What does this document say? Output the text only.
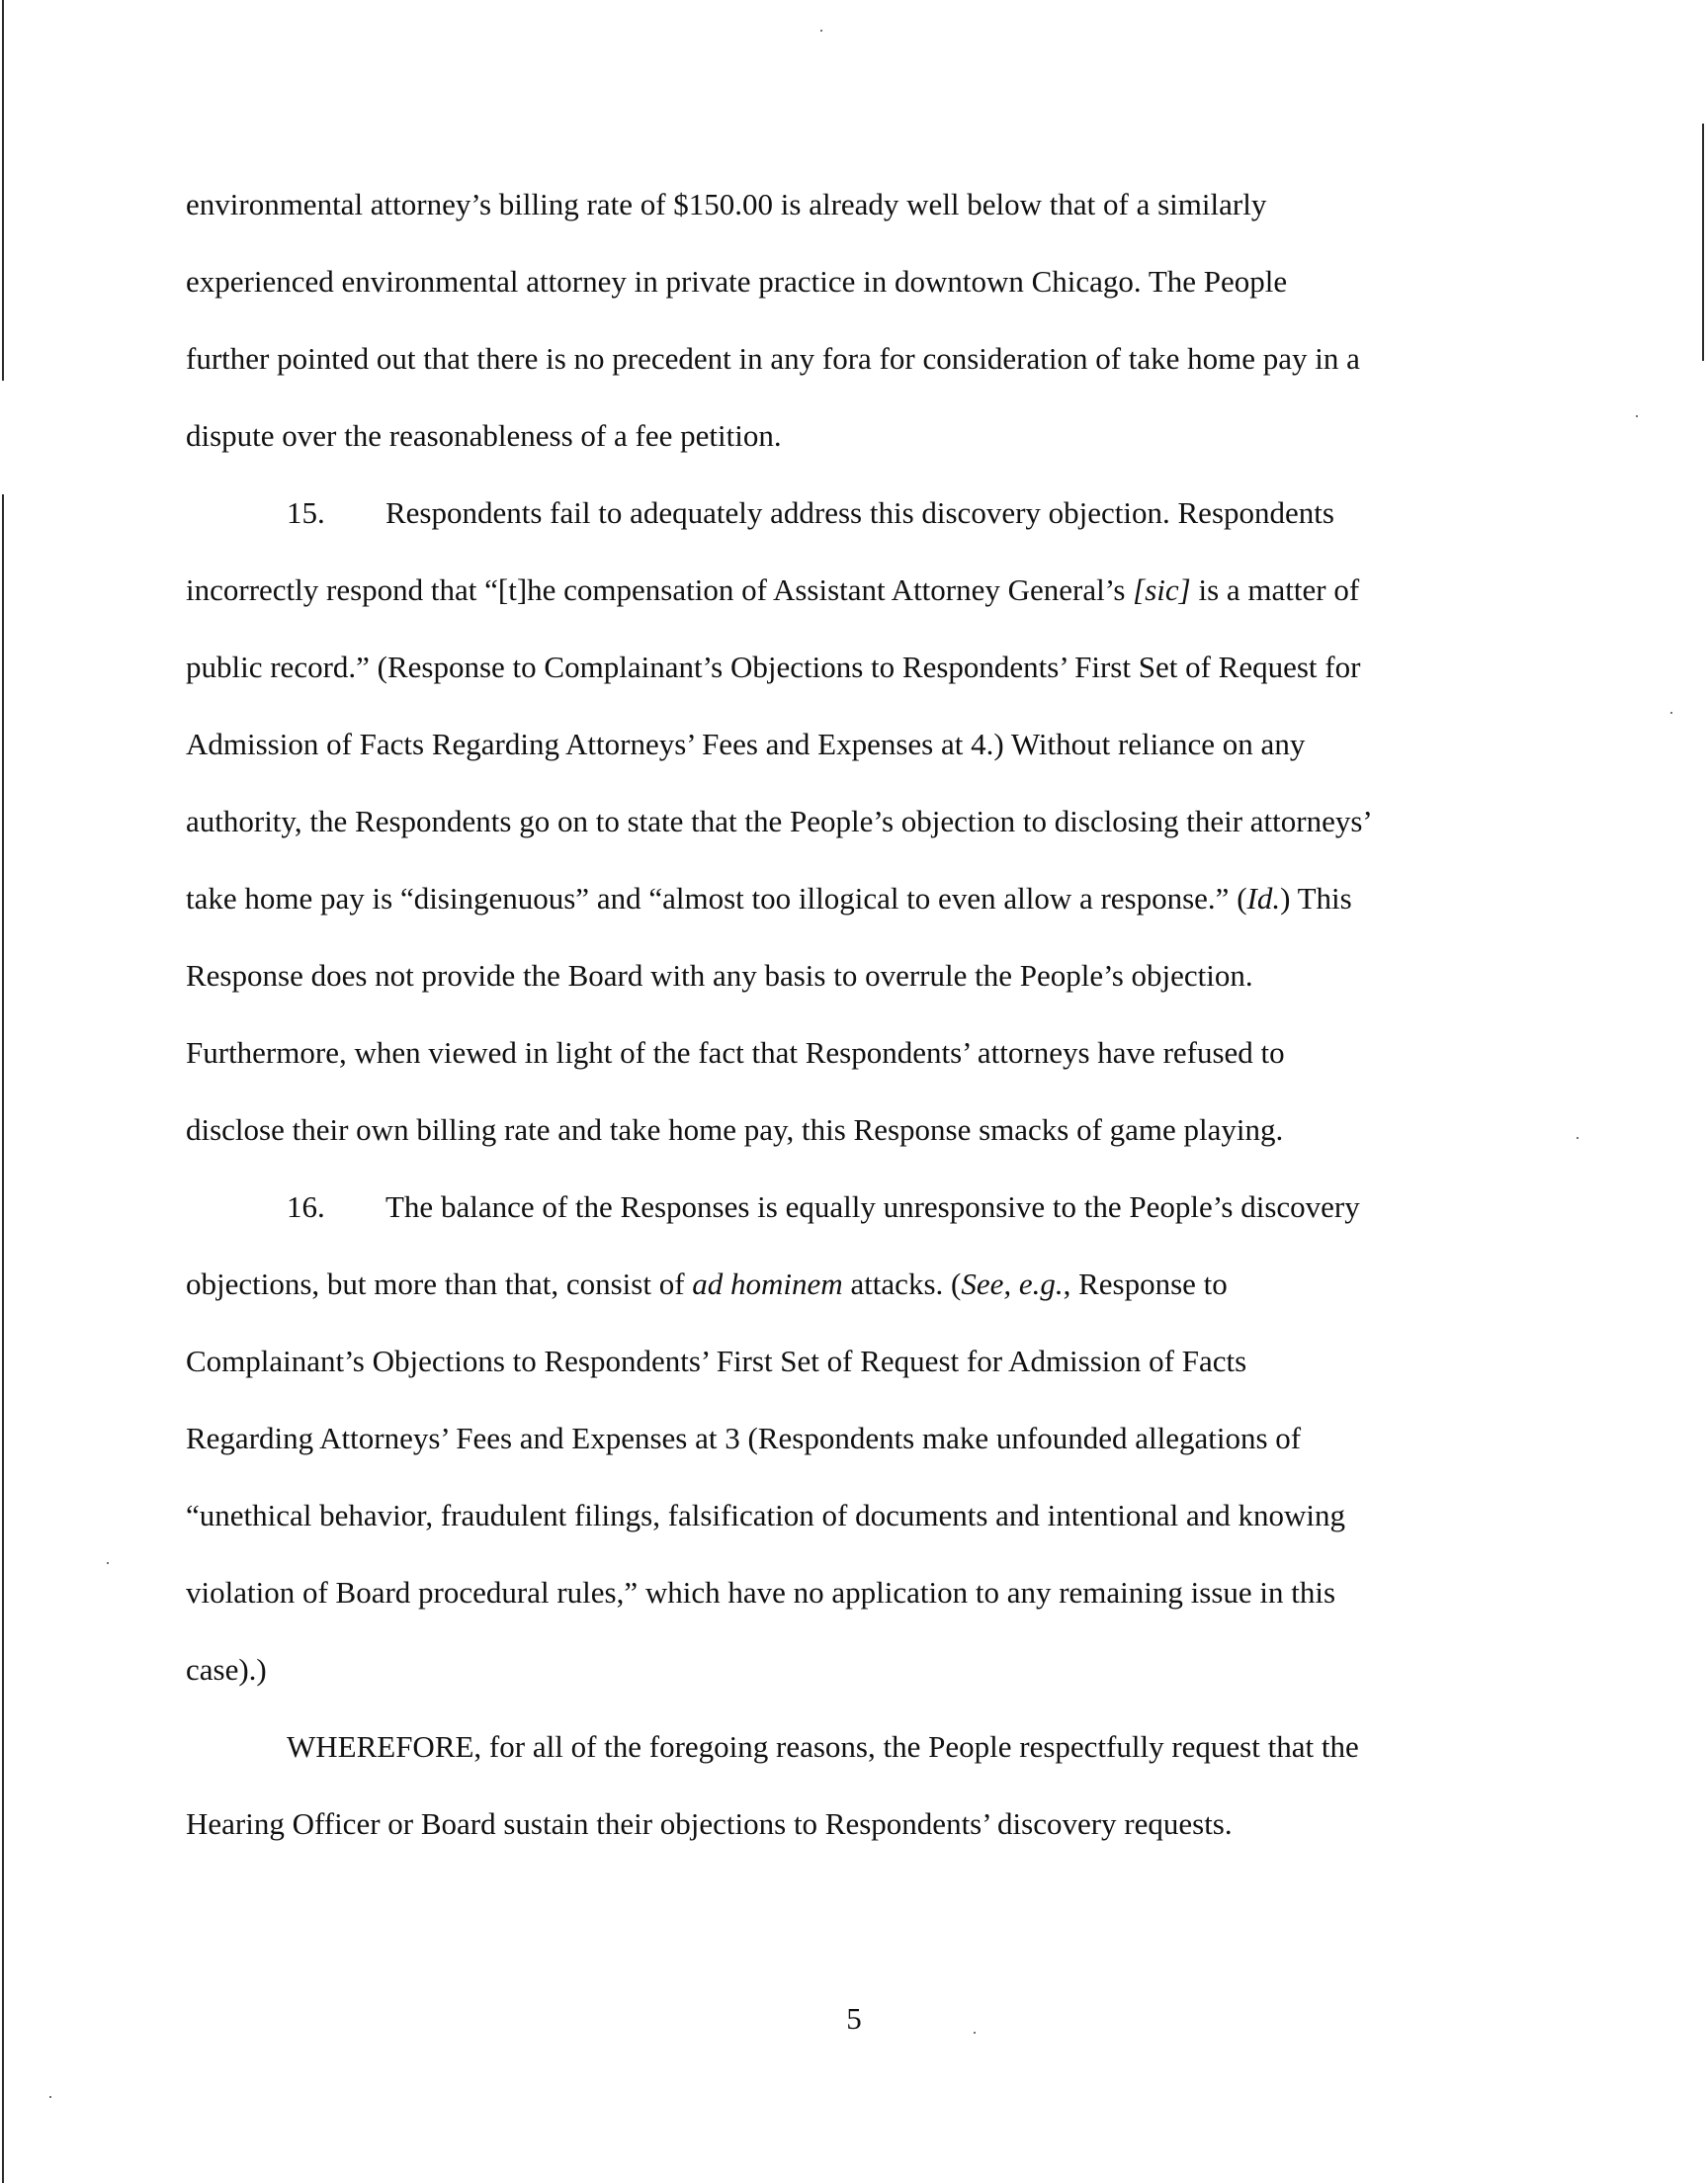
environmental attorney’s billing rate of $150.00 is already well below that of a similarly

experienced environmental attorney in private practice in downtown Chicago. The People

further pointed out that there is no precedent in any fora for consideration of take home pay in a

dispute over the reasonableness of a fee petition.

15. Respondents fail to adequately address this discovery objection. Respondents

incorrectly respond that “[t]he compensation of Assistant Attorney General’s [sic] is a matter of

public record.” (Response to Complainant’s Objections to Respondents’ First Set of Request for

Admission of Facts Regarding Attorneys’ Fees and Expenses at 4.) Without reliance on any

authority, the Respondents go on to state that the People’s objection to disclosing their attorneys’

take home pay is “disingenuous” and “almost too illogical to even allow a response.” (Id.) This

Response does not provide the Board with any basis to overrule the People’s objection.

Furthermore, when viewed in light of the fact that Respondents’ attorneys have refused to

disclose their own billing rate and take home pay, this Response smacks of game playing.

16. The balance of the Responses is equally unresponsive to the People’s discovery

objections, but more than that, consist of ad hominem attacks. (See, e.g., Response to

Complainant’s Objections to Respondents’ First Set of Request for Admission of Facts

Regarding Attorneys’ Fees and Expenses at 3 (Respondents make unfounded allegations of

“unethical behavior, fraudulent filings, falsification of documents and intentional and knowing

violation of Board procedural rules,” which have no application to any remaining issue in this

case).)

WHEREFORE, for all of the foregoing reasons, the People respectfully request that the

Hearing Officer or Board sustain their objections to Respondents’ discovery requests.

5
